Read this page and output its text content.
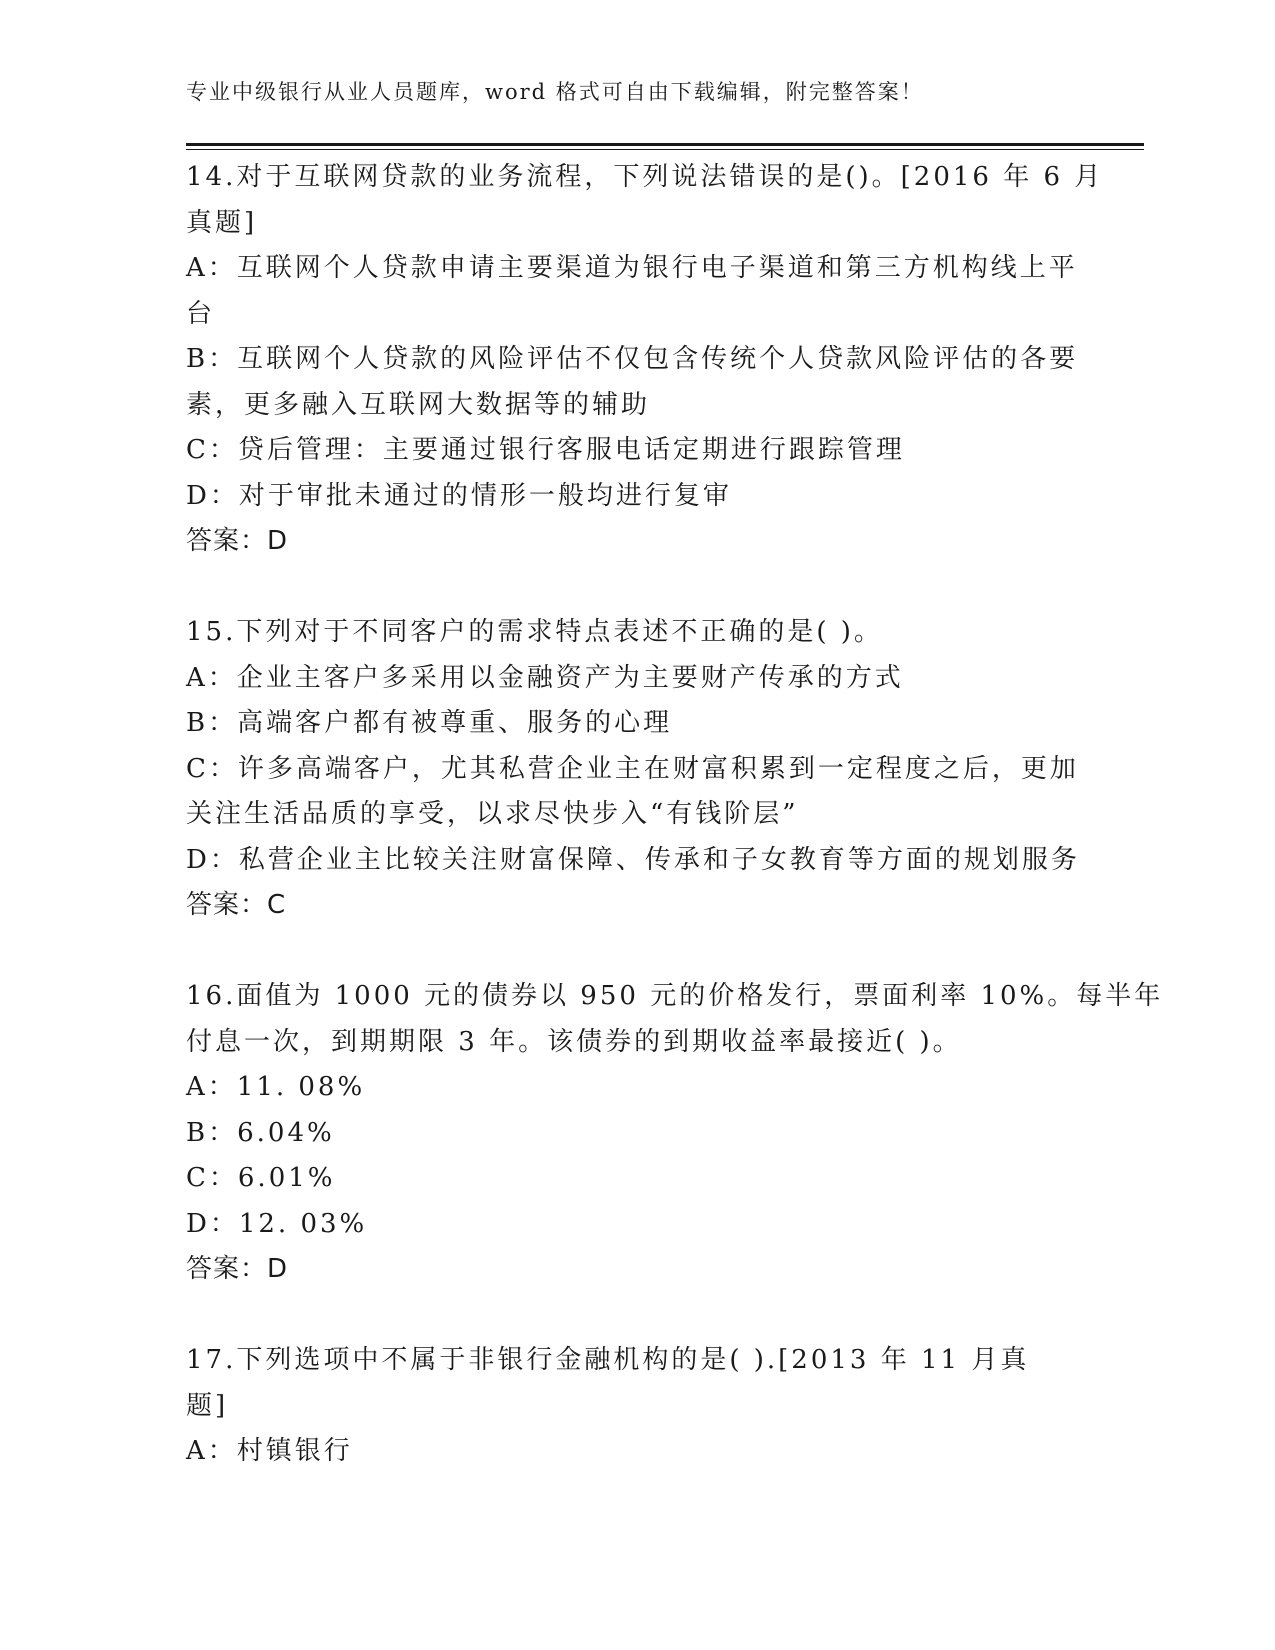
专业中级银行从业人员题库，word 格式可自由下载编辑，附完整答案！
14.对于互联网贷款的业务流程，下列说法错误的是()。[2016 年 6 月
真题]
A：互联网个人贷款申请主要渠道为银行电子渠道和第三方机构线上平
台
B：互联网个人贷款的风险评估不仅包含传统个人贷款风险评估的各要
素，更多融入互联网大数据等的辅助
C：贷后管理：主要通过银行客服电话定期进行跟踪管理
D：对于审批未通过的情形一般均进行复审
答案：D
15.下列对于不同客户的需求特点表述不正确的是( )。
A：企业主客户多采用以金融资产为主要财产传承的方式
B：高端客户都有被尊重、服务的心理
C：许多高端客户，尤其私营企业主在财富积累到一定程度之后，更加
关注生活品质的享受，以求尽快步入“有钱阶层”
D：私营企业主比较关注财富保障、传承和子女教育等方面的规划服务
答案：C
16.面值为 1000 元的债券以 950 元的价格发行，票面利率 10%。每半年
付息一次，到期期限 3 年。该债券的到期收益率最接近( )。
A：11. 08%
B：6.04%
C：6.01%
D：12. 03%
答案：D
17.下列选项中不属于非银行金融机构的是( ).[2013 年 11 月真
题]
A：村镇银行
